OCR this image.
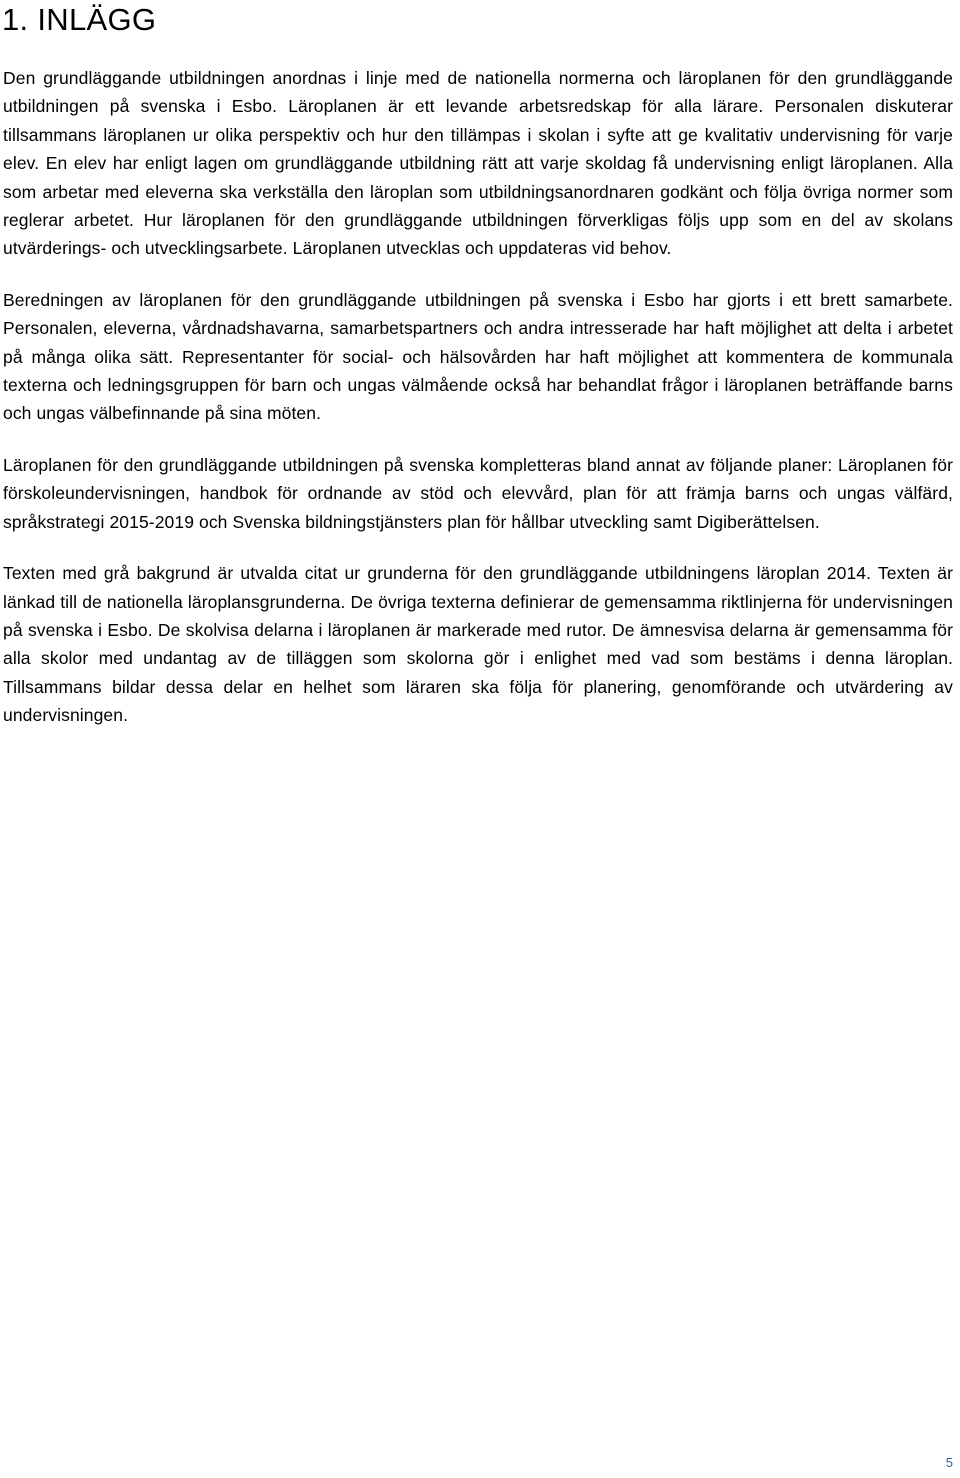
1. INLÄGG

Den grundläggande utbildningen anordnas i linje med de nationella normerna och läroplanen för den grundläggande utbildningen på svenska i Esbo. Läroplanen är ett levande arbetsredskap för alla lärare. Personalen diskuterar tillsammans läroplanen ur olika perspektiv och hur den tillämpas i skolan i syfte att ge kvalitativ undervisning för varje elev. En elev har enligt lagen om grundläggande utbildning rätt att varje skoldag få undervisning enligt läroplanen. Alla som arbetar med eleverna ska verkställa den läroplan som utbildningsanordnaren godkänt och följa övriga normer som reglerar arbetet. Hur läroplanen för den grundläggande utbildningen förverkligas följs upp som en del av skolans utvärderings- och utvecklingsarbete. Läroplanen utvecklas och uppdateras vid behov.

Beredningen av läroplanen för den grundläggande utbildningen på svenska i Esbo har gjorts i ett brett samarbete. Personalen, eleverna, vårdnadshavarna, samarbetspartners och andra intresserade har haft möjlighet att delta i arbetet på många olika sätt. Representanter för social- och hälsovården har haft möjlighet att kommentera de kommunala texterna och ledningsgruppen för barn och ungas välmående också har behandlat frågor i läroplanen beträffande barns och ungas välbefinnande på sina möten.

Läroplanen för den grundläggande utbildningen på svenska kompletteras bland annat av följande planer: Läroplanen för förskoleundervisningen, handbok för ordnande av stöd och elevvård, plan för att främja barns och ungas välfärd, språkstrategi 2015-2019 och Svenska bildningstjänsters plan för hållbar utveckling samt Digiberättelsen.

Texten med grå bakgrund är utvalda citat ur grunderna för den grundläggande utbildningens läroplan 2014. Texten är länkad till de nationella läroplansgrunderna. De övriga texterna definierar de gemensamma riktlinjerna för undervisningen på svenska i Esbo. De skolvisa delarna i läroplanen är markerade med rutor. De ämnesvisa delarna är gemensamma för alla skolor med undantag av de tilläggen som skolorna gör i enlighet med vad som bestäms i denna läroplan. Tillsammans bildar dessa delar en helhet som läraren ska följa för planering, genomförande och utvärdering av undervisningen.

5
